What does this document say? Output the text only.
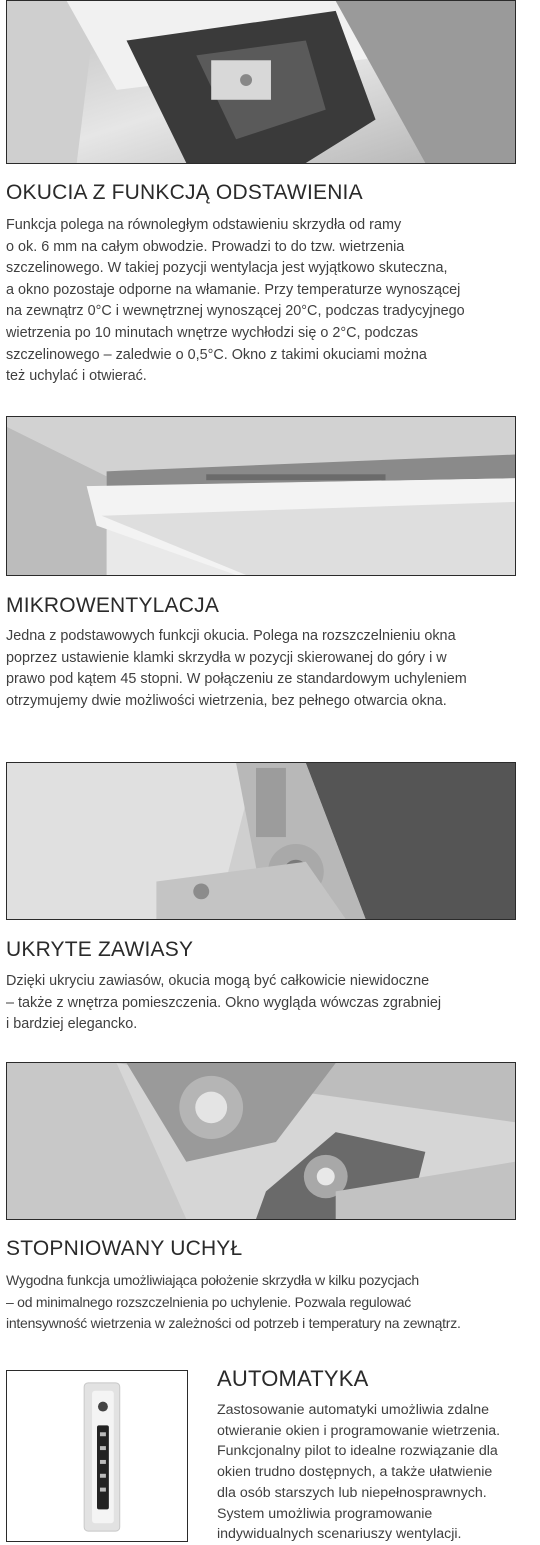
OKUCIA Z FUNKCJĄ ODSTAWIENIA

Funkcja polega na równoległym odstawieniu skrzydła od ramy
o ok. 6 mm na całym obwodzie. Prowadzi to do tzw. wietrzenia
szczelinowego. W takiej pozycji wentylacja jest wyjątkowo skuteczna,
a okno pozostaje odporne na włamanie. Przy temperaturze wynoszącej
na zewnątrz 0°C i wewnętrznej wynoszącej 20°C, podczas tradycyjnego
wietrzenia po 10 minutach wnętrze wychłodzi się o 2°C, podczas
szczelinowego – zaledwie o 0,5°C. Okno z takimi okuciami można
też uchylać i otwierać.

MIKROWENTYLACJA

Jedna z podstawowych funkcji okucia. Polega na rozszczelnieniu okna
poprzez ustawienie klamki skrzydła w pozycji skierowanej do góry i w
prawo pod kątem 45 stopni. W połączeniu ze standardowym uchyleniem
otrzymujemy dwie możliwości wietrzenia, bez pełnego otwarcia okna.

UKRYTE ZAWIASY

Dzięki ukryciu zawiasów, okucia mogą być całkowicie niewidoczne
– także z wnętrza pomieszczenia. Okno wygląda wówczas zgrabniej
i bardziej elegancko.

STOPNIOWANY UCHYŁ

Wygodna funkcja umożliwiająca położenie skrzydła w kilku pozycjach
– od minimalnego rozszczelnienia po uchylenie. Pozwala regulować
intensywność wietrzenia w zależności od potrzeb i temperatury na zewnątrz.

AUTOMATYKA

Zastosowanie automatyki umożliwia zdalne
otwieranie okien i programowanie wietrzenia.
Funkcjonalny pilot to idealne rozwiązanie dla
okien trudno dostępnych, a także ułatwienie
dla osób starszych lub niepełnosprawnych.
System umożliwia programowanie
indywidualnych scenariuszy wentylacji.
